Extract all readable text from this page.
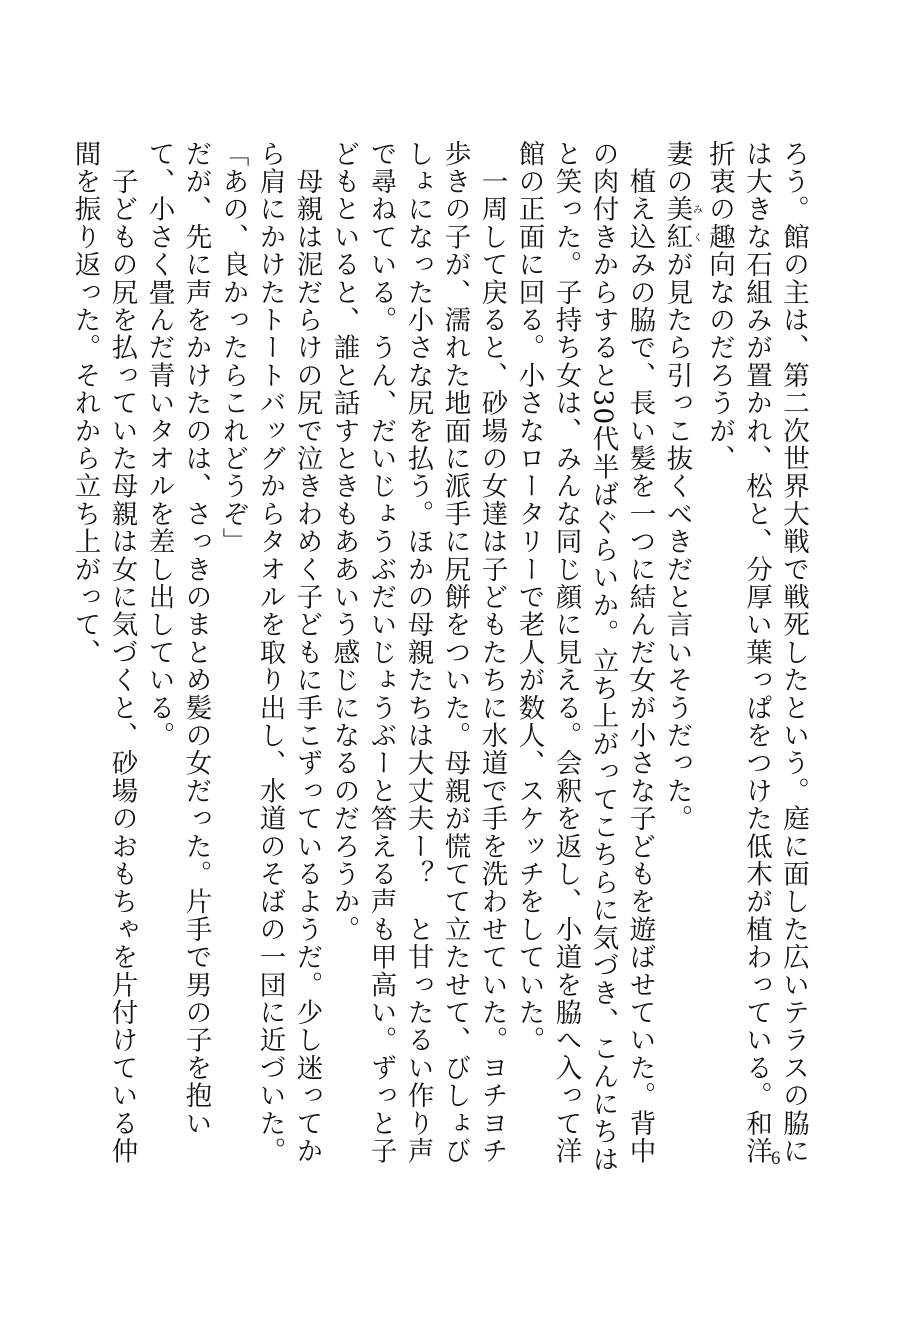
ろう。館の主は、第二次世界大戦で戦死したという。庭に面した広いテラスの脇には大きな石組みが置かれ、松と、分厚い葉っぱをつけた低木が植わっている。和洋折衷の趣向なのだろうが、

妻の美紅みくが見たら引っこ抜くべきだと言いそうだった。

　植え込みの脇で、長い髪を一つに結んだ女が小さな子どもを遊ばせていた。背中の肉付きからすると30代半ばぐらいか。立ち上がってこちらに気づき、こんにちはと笑った。子持ち女は、みんな同じ顔に見える。会釈を返し、小道を脇へ入って洋館の正面に回る。小さなロータリーで老人が数人、スケッチをしていた。

　一周して戻ると、砂場の女達は子どもたちに水道で手を洗わせていた。ヨチヨチ歩きの子が、濡れた地面に派手に尻餅をついた。母親が慌てて立たせて、びしょびしょになった小さな尻を払う。ほかの母親たちは大丈夫ー？　と甘ったるい作り声で尋ねている。うん、だいじょうぶだいじょうぶーと答える声も甲高い。ずっと子どもといると、誰と話すときもああいう感じになるのだろうか。

　母親は泥だらけの尻で泣きわめく子どもに手こずっているようだ。少し迷ってから肩にかけたトートバッグからタオルを取り出し、水道のそばの一団に近づいた。

「あの、良かったらこれどうぞ」

だが、先に声をかけたのは、さっきのまとめ髪の女だった。片手で男の子を抱いて、小さく畳んだ青いタオルを差し出している。

　子どもの尻を払っていた母親は女に気づくと、砂場のおもちゃを片付けている仲間を振り返った。それから立ち上がって、

6
